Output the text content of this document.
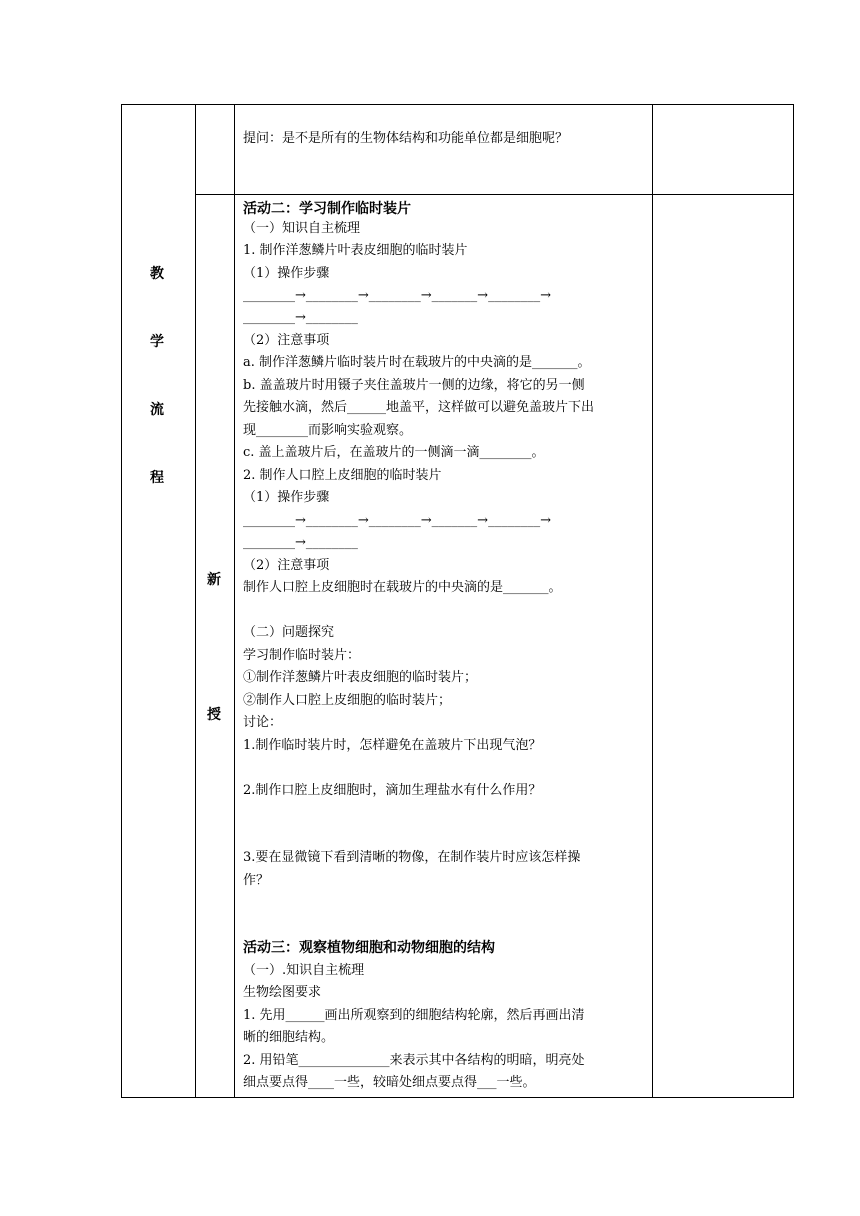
教
学
流
程
新
授
提问：是不是所有的生物体结构和功能单位都是细胞呢？
活动二：学习制作临时装片
（一）知识自主梳理
1. 制作洋葱鳞片叶表皮细胞的临时装片
（1）操作步骤
________→________→________→_______→________→
________→________
（2）注意事项
a. 制作洋葱鳞片临时装片时在载玻片的中央滴的是_______。
b. 盖盖玻片时用镊子夹住盖玻片一侧的边缘，将它的另一侧
先接触水滴，然后______地盖平，这样做可以避免盖玻片下出
现________而影响实验观察。
c. 盖上盖玻片后，在盖玻片的一侧滴一滴________。
2. 制作人口腔上皮细胞的临时装片
（1）操作步骤
________→________→________→_______→________→
________→________
（2）注意事项
制作人口腔上皮细胞时在载玻片的中央滴的是_______。
（二）问题探究
学习制作临时装片：
①制作洋葱鳞片叶表皮细胞的临时装片；
②制作人口腔上皮细胞的临时装片；
讨论：
1.制作临时装片时，怎样避免在盖玻片下出现气泡？
2.制作口腔上皮细胞时，滴加生理盐水有什么作用？
3.要在显微镜下看到清晰的物像，在制作装片时应该怎样操
作？
活动三：观察植物细胞和动物细胞的结构
（一）.知识自主梳理
生物绘图要求
1. 先用______画出所观察到的细胞结构轮廓，然后再画出清
晰的细胞结构。
2. 用铅笔______________来表示其中各结构的明暗，明亮处
细点要点得____一些，较暗处细点要点得___一些。
